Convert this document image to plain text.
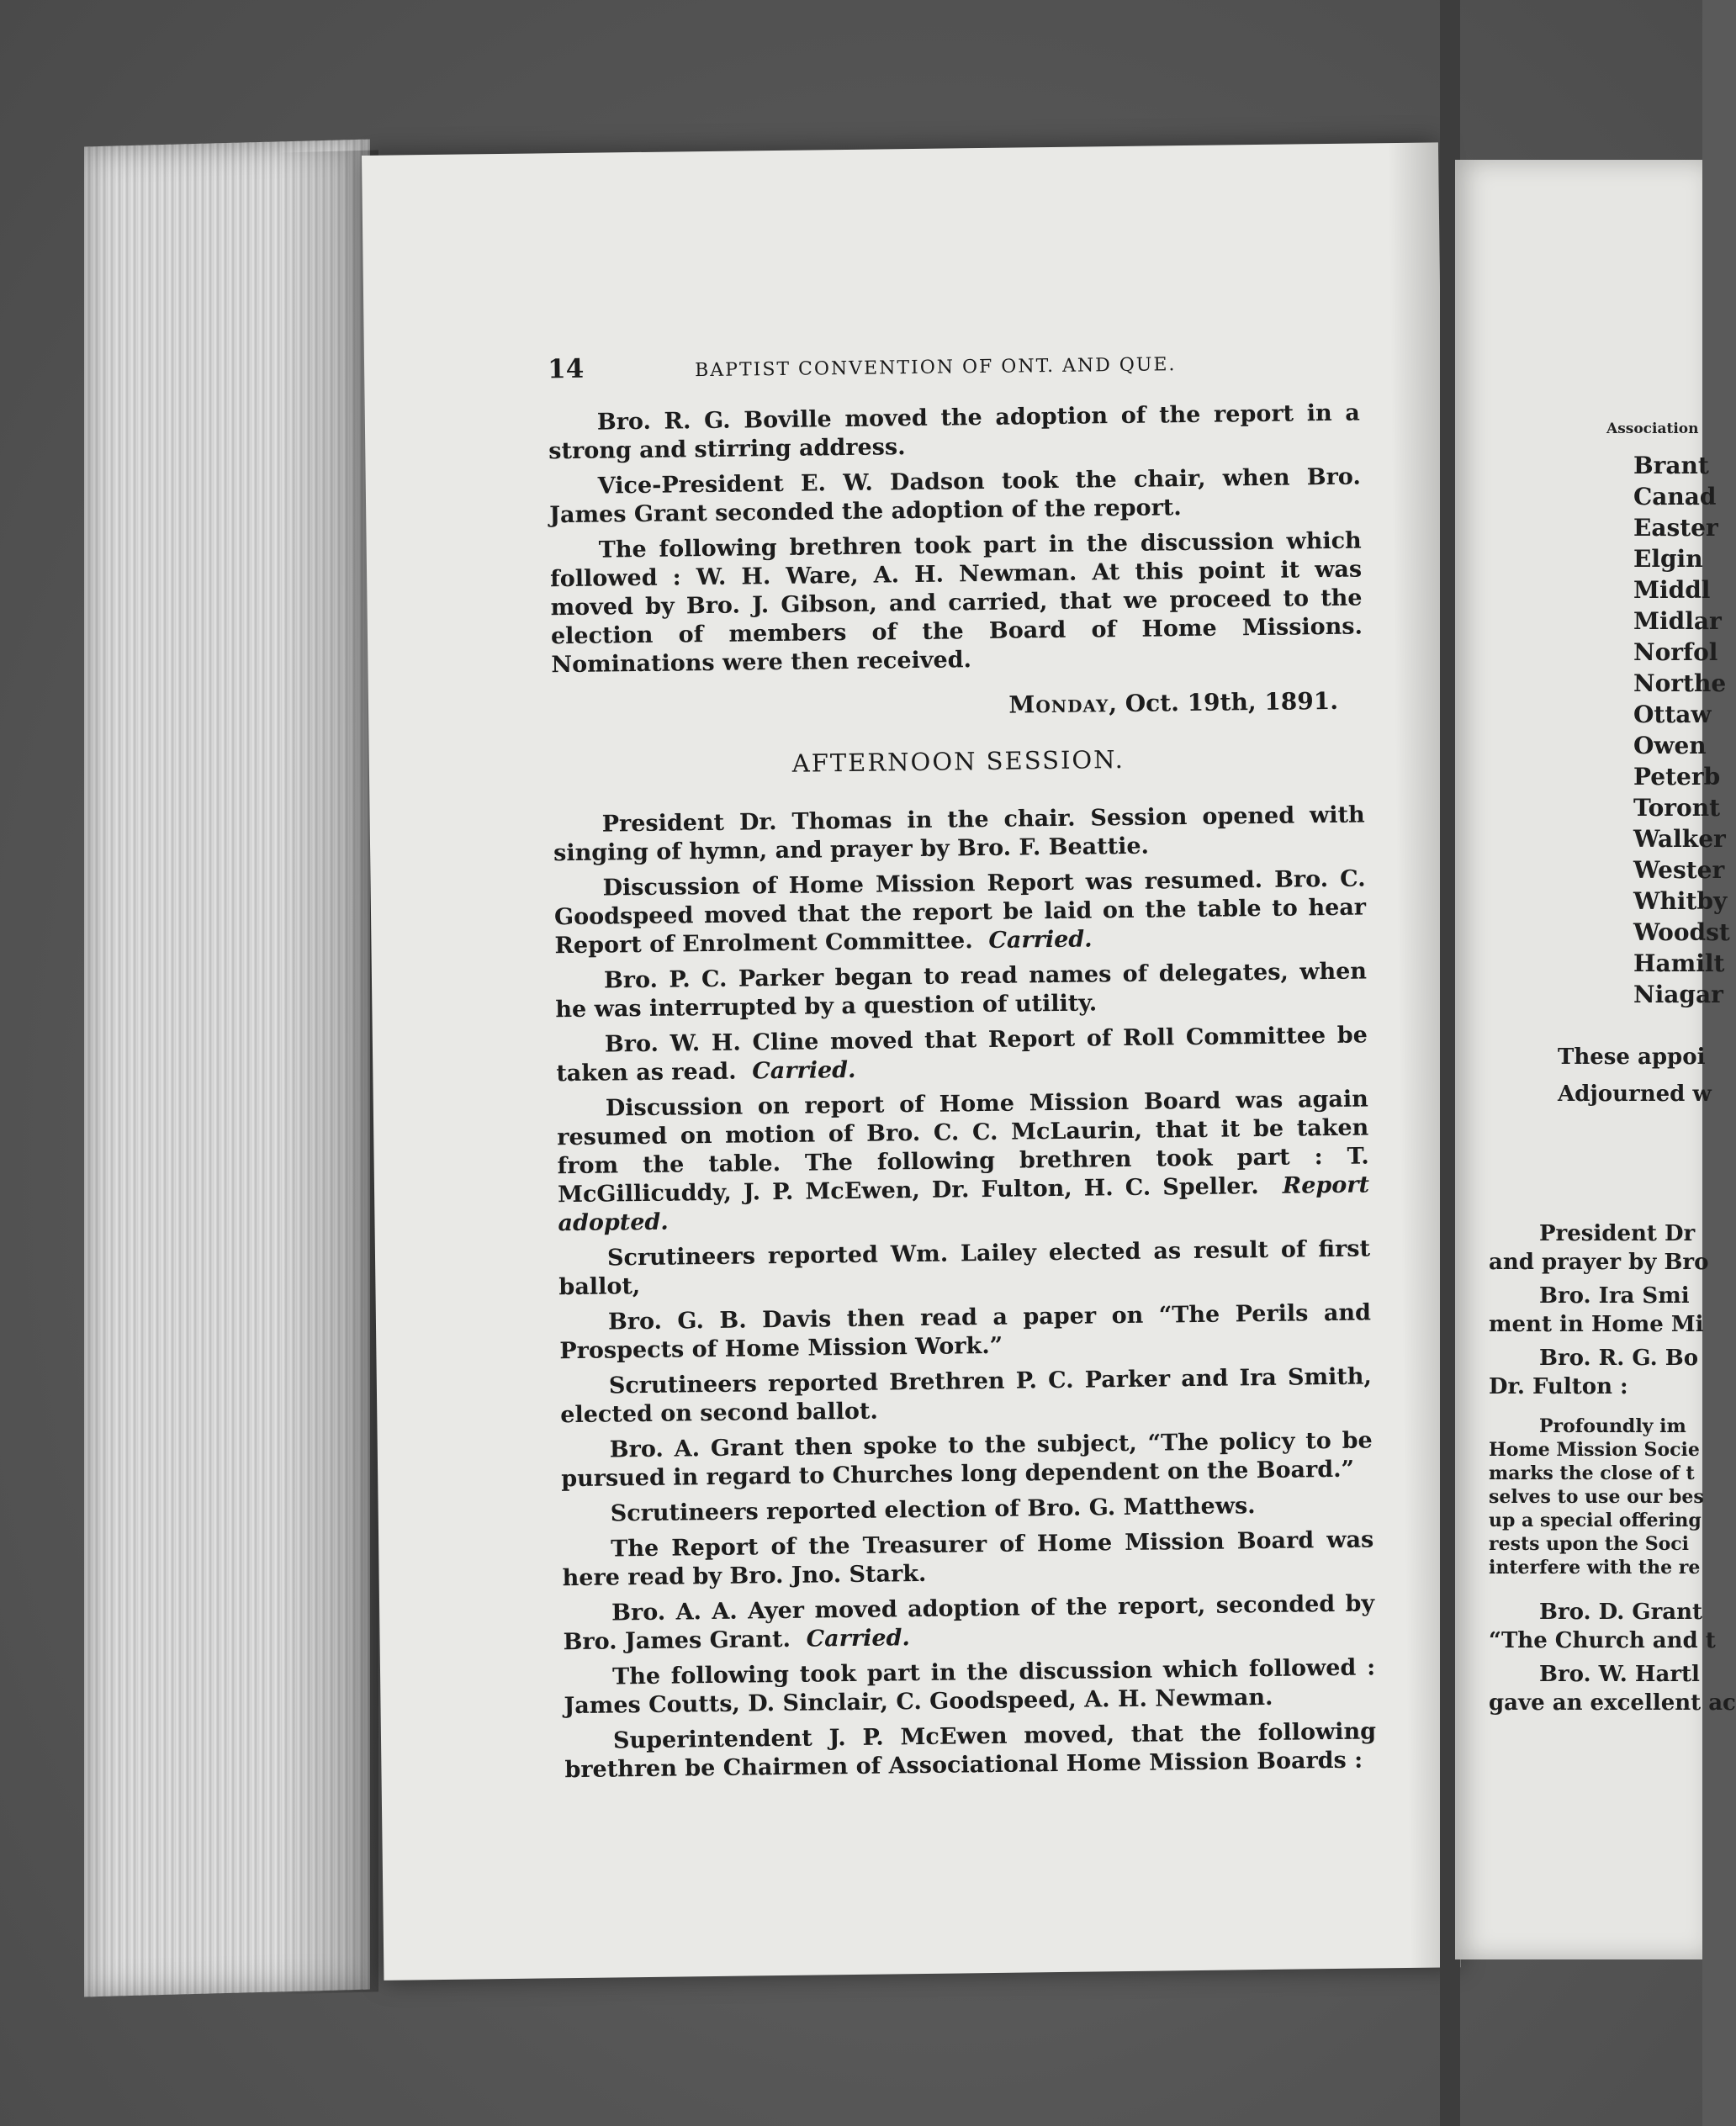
14	BAPTIST CONVENTION OF ONT. AND QUE.

Bro. R. G. Boville moved the adoption of the report in a strong and stirring address.

Vice-President E. W. Dadson took the chair, when Bro. James Grant seconded the adoption of the report.

The following brethren took part in the discussion which followed : W. H. Ware, A. H. Newman. At this point it was moved by Bro. J. Gibson, and carried, that we proceed to the election of members of the Board of Home Missions. Nominations were then received.

Monday, Oct. 19th, 1891.
AFTERNOON SESSION.

President Dr. Thomas in the chair. Session opened with singing of hymn, and prayer by Bro. F. Beattie.

Discussion of Home Mission Report was resumed. Bro. C. Goodspeed moved that the report be laid on the table to hear Report of Enrolment Committee. Carried.

Bro. P. C. Parker began to read names of delegates, when he was interrupted by a question of utility.

Bro. W. H. Cline moved that Report of Roll Committee be taken as read. Carried.

Discussion on report of Home Mission Board was again resumed on motion of Bro. C. C. McLaurin, that it be taken from the table. The following brethren took part : T. McGillicuddy, J. P. McEwen, Dr. Fulton, H. C. Speller. Report adopted.

Scrutineers reported Wm. Lailey elected as result of first ballot,

Bro. G. B. Davis then read a paper on “The Perils and Prospects of Home Mission Work.”

Scrutineers reported Brethren P. C. Parker and Ira Smith, elected on second ballot.

Bro. A. Grant then spoke to the subject, “The policy to be pursued in regard to Churches long dependent on the Board.”

Scrutineers reported election of Bro. G. Matthews.

The Report of the Treasurer of Home Mission Board was here read by Bro. Jno. Stark.

Bro. A. A. Ayer moved adoption of the report, seconded by Bro. James Grant. Carried.

The following took part in the discussion which followed : James Coutts, D. Sinclair, C. Goodspeed, A. H. Newman.

Superintendent J. P. McEwen moved, that the following brethren be Chairmen of Associational Home Mission Boards :

Association
Brant
Canad
Easter
Elgin
Middl
Midlar
Norfol
Northe
Ottaw
Owen
Peterb
Toront
Walker
Wester
Whitby
Woodst
Hamilt
Niagar
These appoi
Adjourned w
President Dr
and prayer by Bro
Bro. Ira Smi
ment in Home Mi
Bro. R. G. Bo
Dr. Fulton :
Profoundly im
Home Mission Socie
marks the close of t
selves to use our bes
up a special offering
rests upon the Soci
interfere with the re
Bro. D. Grant
“The Church and t
Bro. W. Hartl
gave an excellent ac
